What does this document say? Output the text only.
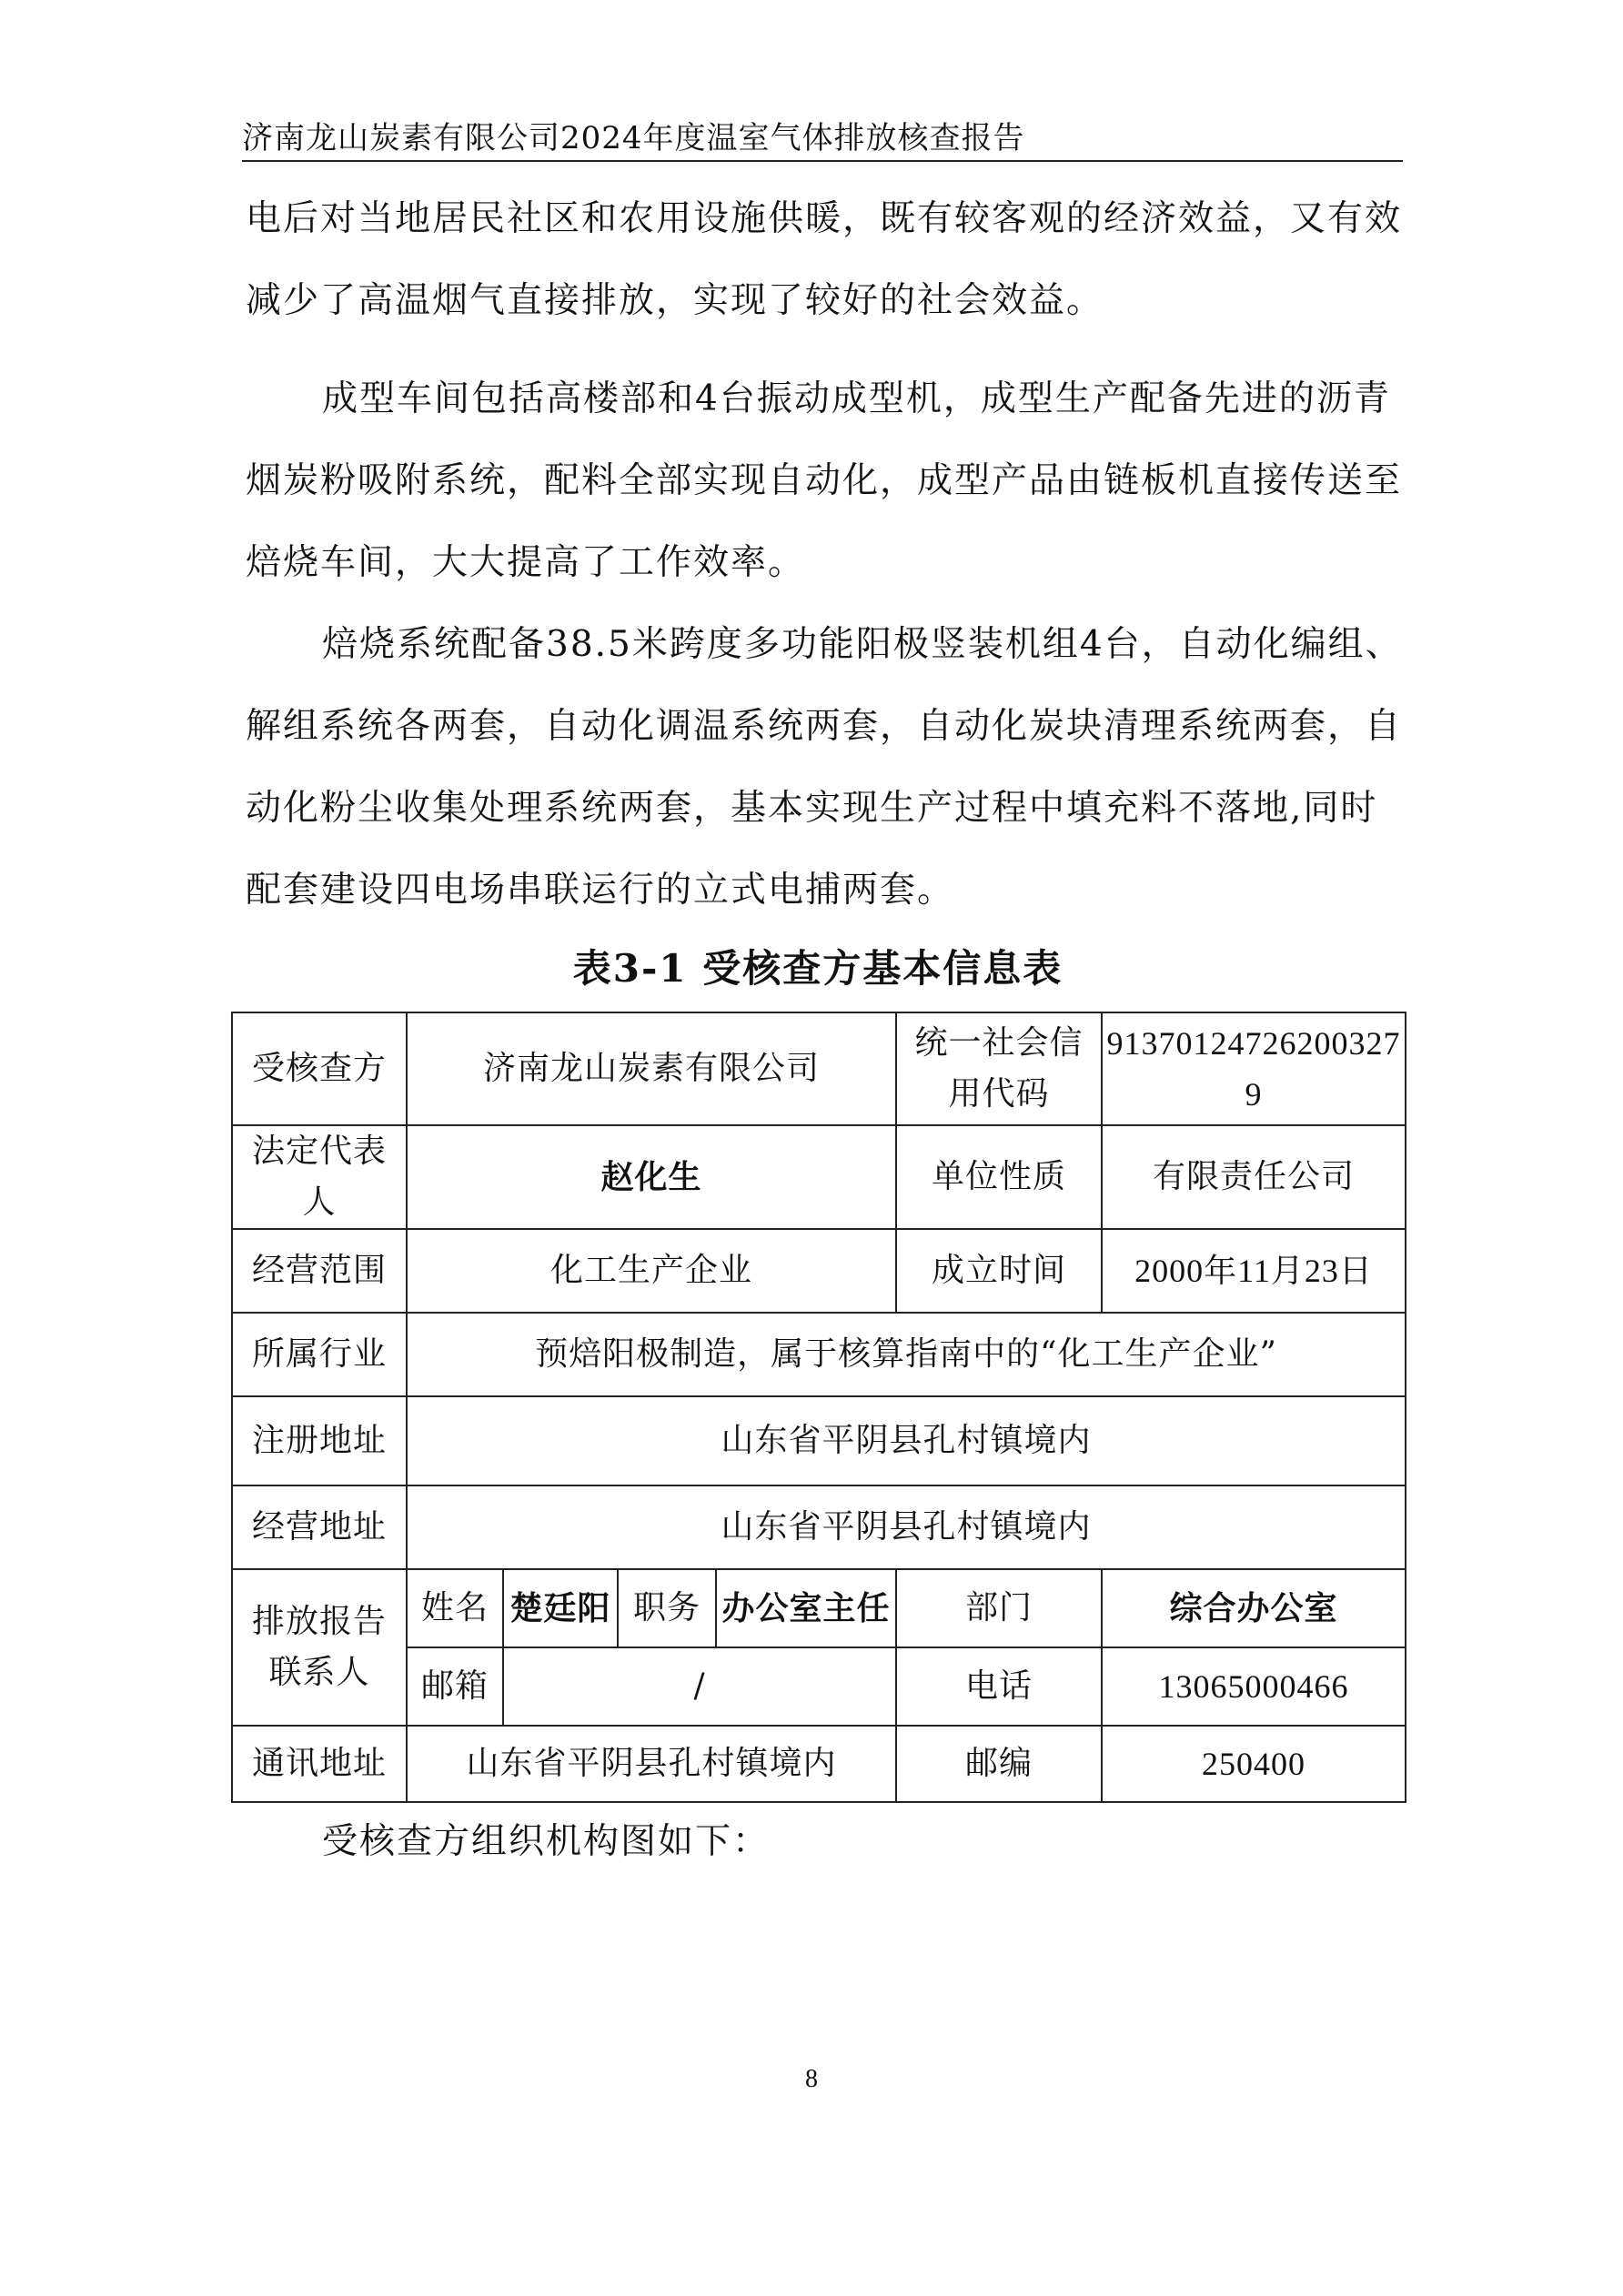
济南龙山炭素有限公司2024年度温室气体排放核查报告
电后对当地居民社区和农用设施供暖，既有较客观的经济效益，又有效减少了高温烟气直接排放，实现了较好的社会效益。
成型车间包括高楼部和4台振动成型机，成型生产配备先进的沥青烟炭粉吸附系统，配料全部实现自动化，成型产品由链板机直接传送至焙烧车间，大大提高了工作效率。
焙烧系统配备38.5米跨度多功能阳极竖装机组4台，自动化编组、解组系统各两套，自动化调温系统两套，自动化炭块清理系统两套，自动化粉尘收集处理系统两套，基本实现生产过程中填充料不落地,同时配套建设四电场串联运行的立式电捕两套。
表3-1 受核查方基本信息表
受核查方	济南龙山炭素有限公司				统一社会信用代码	913701247262003279
法定代表人	赵化生				单位性质	有限责任公司
经营范围	化工生产企业				成立时间	2000年11月23日
所属行业	预焙阳极制造，属于核算指南中的“化工生产企业”					
注册地址	山东省平阴县孔村镇境内					
经营地址	山东省平阴县孔村镇境内					
排放报告联系人	姓名	楚廷阳	职务	办公室主任	部门	综合办公室
	邮箱	/			电话	13065000466
通讯地址	山东省平阴县孔村镇境内				邮编	250400
受核查方组织机构图如下：
8
